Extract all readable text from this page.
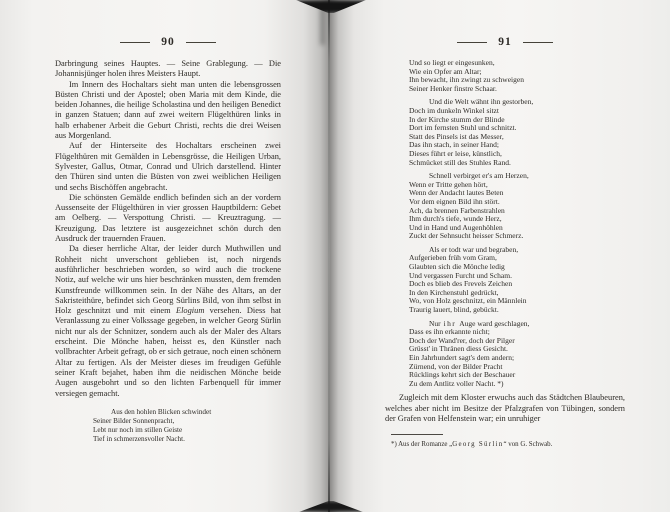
90

Darbringung seines Hauptes. — Seine Grablegung. — Die Johannisjünger holen ihres Meisters Haupt.

Im Innern des Hochaltars sieht man unten die lebensgrossen Büsten Christi und der Apostel; oben Maria mit dem Kinde, die beiden Johannes, die heilige Scholastina und den heiligen Benedict in ganzen Statuen; dann auf zwei weitern Flügelthüren links in halb erhabener Arbeit die Geburt Christi, rechts die drei Weisen aus Morgenland.

Auf der Hinterseite des Hochaltars erscheinen zwei Flügelthüren mit Gemälden in Lebensgrösse, die Heiligen Urban, Sylvester, Gallus, Otmar, Conrad und Ulrich darstellend. Hinter den Thüren sind unten die Büsten von zwei weiblichen Heiligen und sechs Bischöffen angebracht.

Die schönsten Gemälde endlich befinden sich an der vordern Aussenseite der Flügelthüren in vier grossen Hauptbildern: Gebet am Oelberg. — Verspottung Christi. — Kreuztragung. — Kreuzigung. Das letztere ist ausgezeichnet schön durch den Ausdruck der trauernden Frauen.

Da dieser herrliche Altar, der leider durch Muthwillen und Rohheit nicht unverschont geblieben ist, noch nirgends ausführlicher beschrieben worden, so wird auch die trockene Notiz, auf welche wir uns hier beschränken mussten, dem fremden Kunstfreunde willkommen sein. In der Nähe des Altars, an der Sakristeithüre, befindet sich Georg Sürlins Bild, von ihm selbst in Holz geschnitzt und mit einem Elogium versehen. Diess hat Veranlassung zu einer Volkssage gegeben, in welcher Georg Sürlin nicht nur als der Schnitzer, sondern auch als der Maler des Altars erscheint. Die Mönche haben, heisst es, den Künstler nach vollbrachter Arbeit gefragt, ob er sich getraue, noch einen schönern Altar zu fertigen. Als der Meister dieses im freudigen Gefühle seiner Kraft bejahet, haben ihm die neidischen Mönche beide Augen ausgebohrt und so den lichten Farbenquell für immer versiegen gemacht.

Aus den hohlen Blicken schwindet
Seiner Bilder Sonnenpracht,
Lebt nur noch im stillen Geiste
Tief in schmerzensvoller Nacht.
91
Und so liegt er eingesunken,
Wie ein Opfer am Altar;
Ihn bewacht, ihn zwingt zu schweigen
Seiner Henker finstre Schaar.
Und die Welt wähnt ihn gestorben,
Doch im dunkeln Winkel sitzt
In der Kirche stumm der Blinde
Dort im fernsten Stuhl und schnitzt.
Statt des Pinsels ist das Messer,
Das ihn stach, in seiner Hand;
Dieses führt er leise, künstlich,
Schmücket still des Stuhles Rand.
Schnell verbirget er's am Herzen,
Wenn er Tritte gehen hört,
Wenn der Andacht lautes Beten
Vor dem eignen Bild ihn stört.
Ach, da brennen Farbenstrahlen
Ihm durch's tiefe, wunde Herz,
Und in Hand und Augenhöhlen
Zuckt der Sehnsucht heisser Schmerz.
Als er todt war und begraben,
Aufgerieben früh vom Gram,
Glaubten sich die Mönche ledig
Und vergassen Furcht und Scham.
Doch es blieb des Frevels Zeichen
In den Kirchenstuhl gedrückt,
Wo, von Holz geschnitzt, ein Männlein
Traurig lauert, blind, gebückt.
Nur ihr Auge ward geschlagen,
Dass es ihn erkannte nicht;
Doch der Wand'rer, doch der Pilger
Grüsst' in Thränen diess Gesicht.
Ein Jahrhundert sagt's dem andern;
Zürnend, von der Bilder Pracht
Rücklings kehrt sich der Beschauer
Zu dem Antlitz voller Nacht. *)

Zugleich mit dem Kloster erwuchs auch das Städtchen Blaubeuren, welches aber nicht im Besitze der Pfalzgrafen von Tübingen, sondern der Grafen von Helfenstein war; ein unruhiger

*) Aus der Romanze „Georg Sürlin“ von G. Schwab.
